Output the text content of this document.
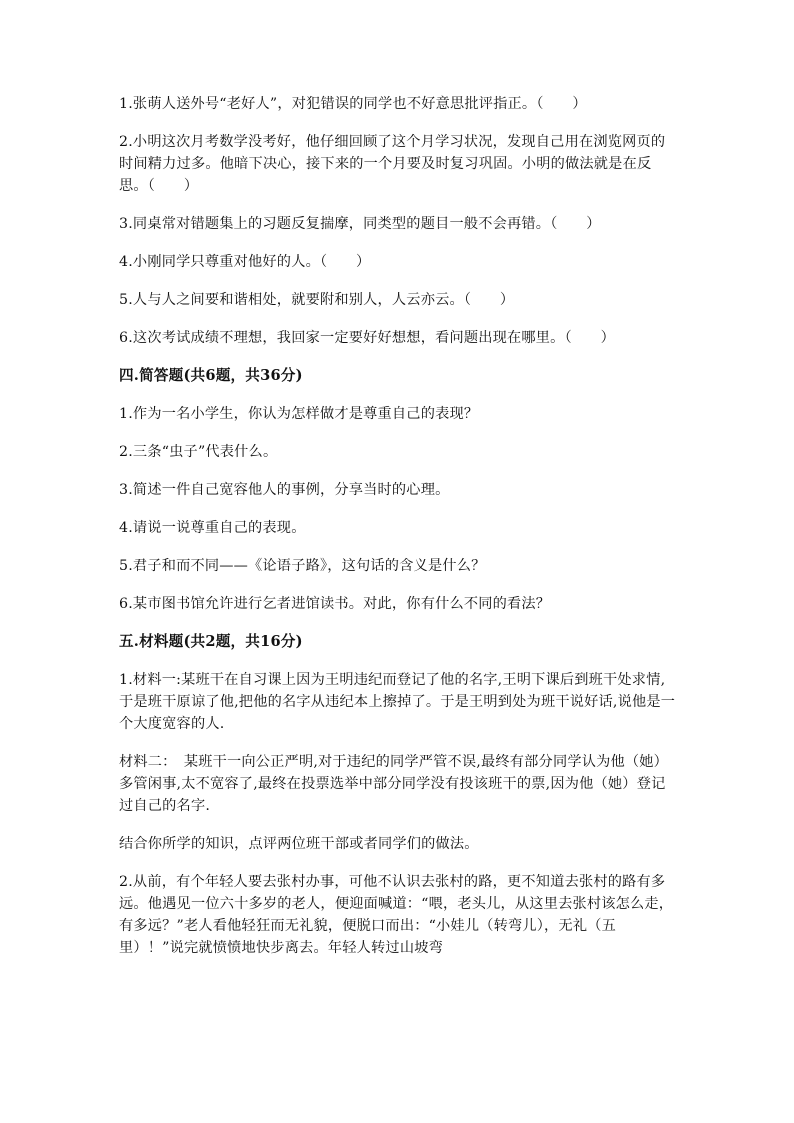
1.张萌人送外号“老好人”，对犯错误的同学也不好意思批评指正。（　　）

2.小明这次月考数学没考好，他仔细回顾了这个月学习状况，发现自己用在浏览网页的时间精力过多。他暗下决心，接下来的一个月要及时复习巩固。小明的做法就是在反思。（　　）

3.同桌常对错题集上的习题反复揣摩，同类型的题目一般不会再错。（　　）

4.小刚同学只尊重对他好的人。（　　）

5.人与人之间要和谐相处，就要附和别人，人云亦云。（　　）

6.这次考试成绩不理想，我回家一定要好好想想，看问题出现在哪里。（　　）

四.简答题(共6题，共36分)

1.作为一名小学生，你认为怎样做才是尊重自己的表现？

2.三条“虫子”代表什么。

3.简述一件自己宽容他人的事例，分享当时的心理。

4.请说一说尊重自己的表现。

5.君子和而不同——《论语子路》，这句话的含义是什么？

6.某市图书馆允许进行乞者进馆读书。对此，你有什么不同的看法？

五.材料题(共2题，共16分)

1.材料一:某班干在自习课上因为王明违纪而登记了他的名字,王明下课后到班干处求情,于是班干原谅了他,把他的名字从违纪本上擦掉了。于是王明到处为班干说好话,说他是一个大度宽容的人.

材料二：　某班干一向公正严明,对于违纪的同学严管不误,最终有部分同学认为他（她）多管闲事,太不宽容了,最终在投票选举中部分同学没有投该班干的票,因为他（她）登记过自己的名字.

结合你所学的知识，点评两位班干部或者同学们的做法。

2.从前，有个年轻人要去张村办事，可他不认识去张村的路，更不知道去张村的路有多远。他遇见一位六十多岁的老人，便迎面喊道：“喂，老头儿，从这里去张村该怎么走，有多远？”老人看他轻狂而无礼貌，便脱口而出：“小娃儿（转弯儿），无礼（五里）！”说完就愤愤地快步离去。年轻人转过山坡弯
